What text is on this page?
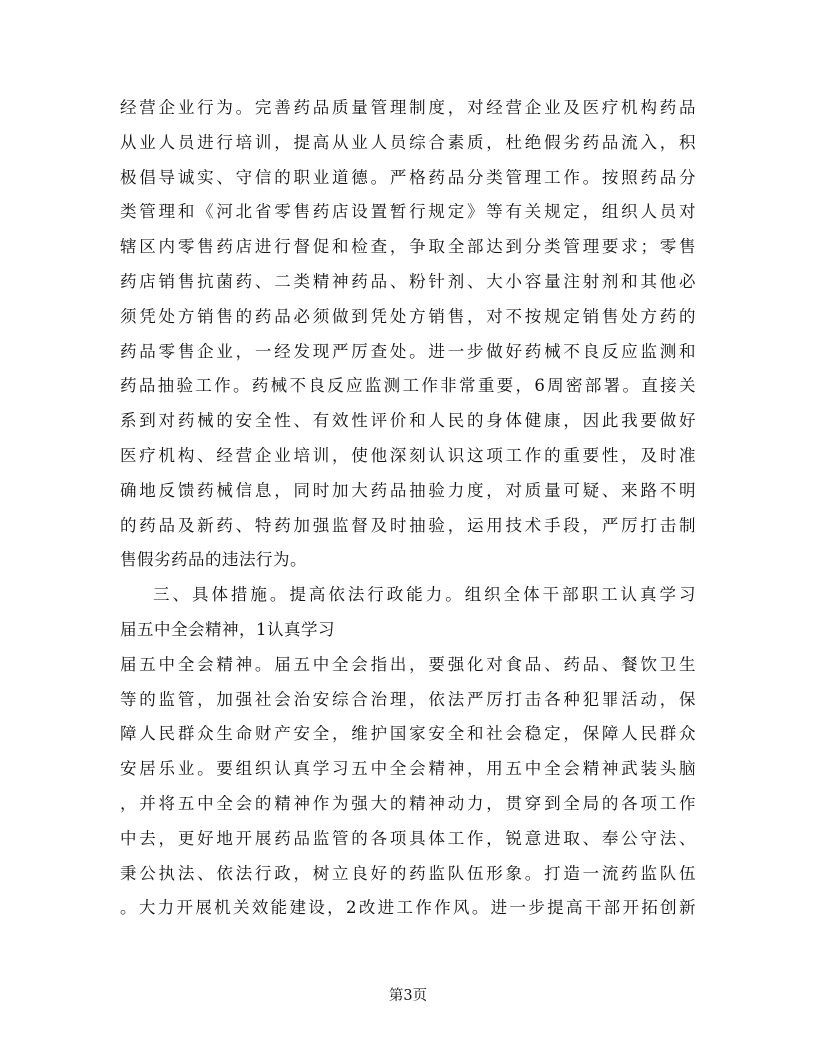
经营企业行为。完善药品质量管理制度，对经营企业及医疗机构药品
从业人员进行培训，提高从业人员综合素质，杜绝假劣药品流入，积
极倡导诚实、守信的职业道德。严格药品分类管理工作。按照药品分
类管理和《河北省零售药店设置暂行规定》等有关规定，组织人员对
辖区内零售药店进行督促和检查，争取全部达到分类管理要求；零售
药店销售抗菌药、二类精神药品、粉针剂、大小容量注射剂和其他必
须凭处方销售的药品必须做到凭处方销售，对不按规定销售处方药的
药品零售企业，一经发现严厉查处。进一步做好药械不良反应监测和
药品抽验工作。药械不良反应监测工作非常重要，6周密部署。直接关
系到对药械的安全性、有效性评价和人民的身体健康，因此我要做好
医疗机构、经营企业培训，使他深刻认识这项工作的重要性，及时准
确地反馈药械信息，同时加大药品抽验力度，对质量可疑、来路不明
的药品及新药、特药加强监督及时抽验，运用技术手段，严厉打击制
售假劣药品的违法行为。
三、具体措施。提高依法行政能力。组织全体干部职工认真学习
届五中全会精神，1认真学习
届五中全会精神。届五中全会指出，要强化对食品、药品、餐饮卫生
等的监管，加强社会治安综合治理，依法严厉打击各种犯罪活动，保
障人民群众生命财产安全，维护国家安全和社会稳定，保障人民群众
安居乐业。要组织认真学习五中全会精神，用五中全会精神武装头脑
，并将五中全会的精神作为强大的精神动力，贯穿到全局的各项工作
中去，更好地开展药品监管的各项具体工作，锐意进取、奉公守法、
秉公执法、依法行政，树立良好的药监队伍形象。打造一流药监队伍
。大力开展机关效能建设，2改进工作作风。进一步提高干部开拓创新
第3页
